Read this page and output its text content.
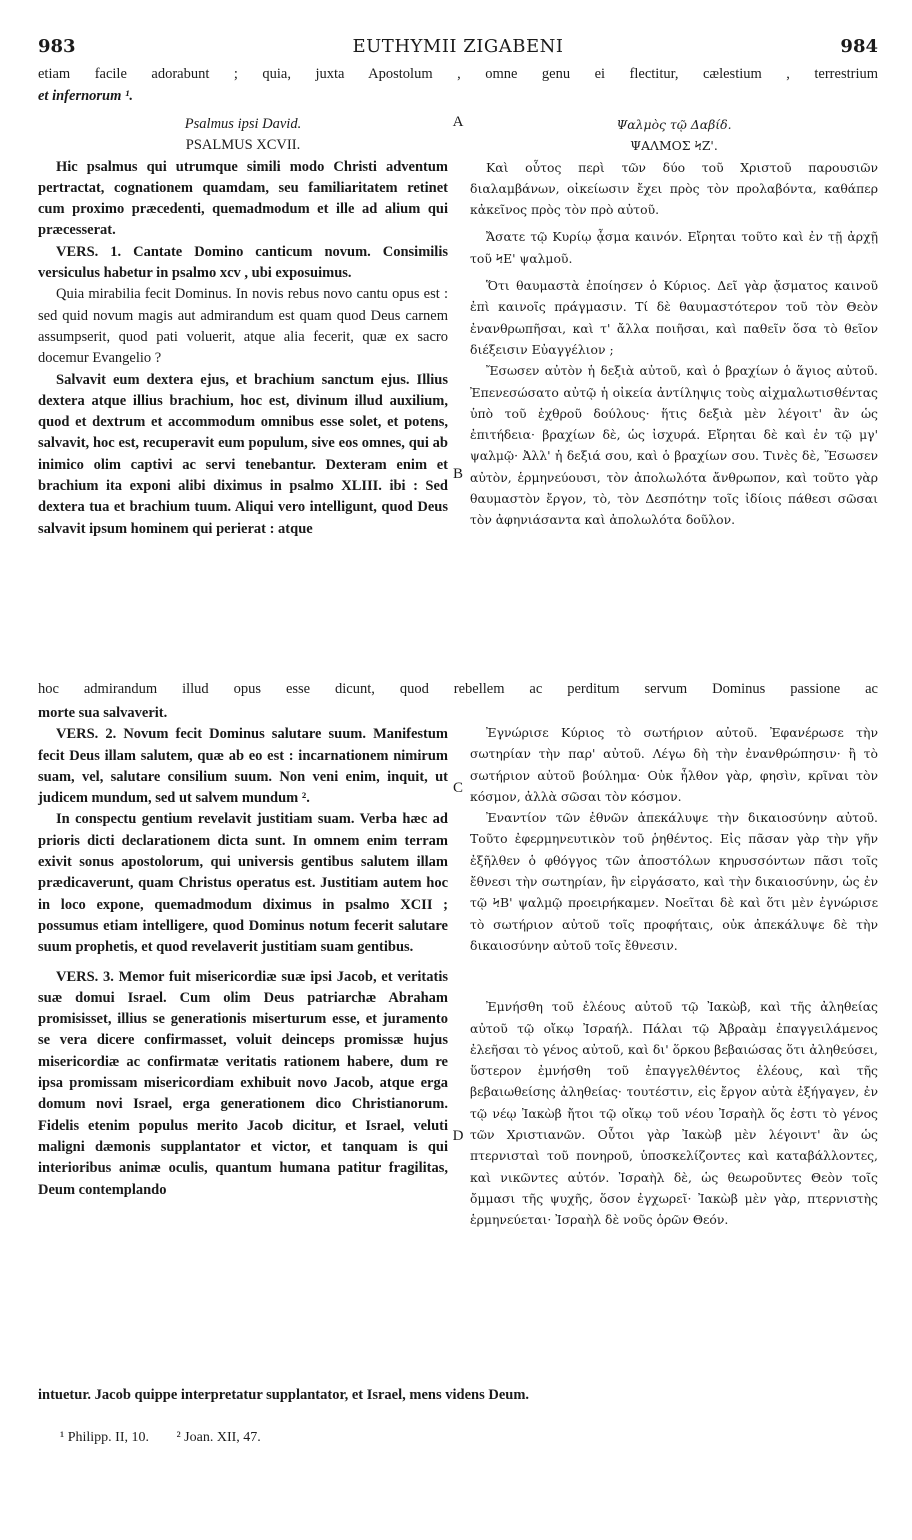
983	EUTHYMII ZIGABENI	984
etiam facile adorabunt ; quia, juxta Apostolum , omne genu ei flectitur, cælestium , terrestrium
et infernorum ¹.
A
B
C
D

Psalmus ipsi David.

PSALMUS XCVII.

Hic psalmus qui utrumque simili modo Christi adventum pertractat, cognationem quamdam, seu familiaritatem retinet cum proximo præcedenti, quemadmodum et ille ad alium qui præcesserat.

VERS. 1. Cantate Domino canticum novum. Consimilis versiculus habetur in psalmo xcv , ubi exposuimus.

Quia mirabilia fecit Dominus. In novis rebus novo cantu opus est : sed quid novum magis aut admirandum est quam quod Deus carnem assumpserit, quod pati voluerit, atque alia fecerit, quæ ex sacro docemur Evangelio ?

Salvavit eum dextera ejus, et brachium sanctum ejus. Illius dextera atque illius brachium, hoc est, divinum illud auxilium, quod et dextrum et accommodum omnibus esse solet, et potens, salvavit, hoc est, recuperavit eum populum, sive eos omnes, qui ab inimico olim captivi ac servi tenebantur. Dexteram enim et brachium ita exponi alibi diximus in psalmo XLIII. ibi : Sed dextera tua et brachium tuum. Aliqui vero intelligunt, quod Deus salvavit ipsum hominem qui perierat : atque

Ψαλμὸς τῷ Δαβίδ.

ΨΑΛΜΟΣ ϞΖ'.

Καὶ οὗτος περὶ τῶν δύο τοῦ Χριστοῦ παρουσιῶν διαλαμβάνων, οἰκείωσιν ἔχει πρὸς τὸν προλαβόντα, καθάπερ κἀκεῖνος πρὸς τὸν πρὸ αὐτοῦ.

Ἄσατε τῷ Κυρίῳ ᾆσμα καινόν. Εἴρηται τοῦτο καὶ ἐν τῇ ἀρχῇ τοῦ ϞΕ' ψαλμοῦ.

Ὅτι θαυμαστὰ ἐποίησεν ὁ Κύριος. Δεῖ γὰρ ᾄσματος καινοῦ ἐπὶ καινοῖς πράγμασιν. Τί δὲ θαυμαστότερον τοῦ τὸν Θεὸν ἐνανθρωπῆσαι, καὶ τ' ἄλλα ποιῆσαι, καὶ παθεῖν ὅσα τὸ θεῖον διέξεισιν Εὐαγγέλιον ;

Ἔσωσεν αὐτὸν ἡ δεξιὰ αὐτοῦ, καὶ ὁ βραχίων ὁ ἅγιος αὐτοῦ. Ἐπενεσώσατο αὐτῷ ἡ οἰκεία ἀντίληψις τοὺς αἰχμαλωτισθέντας ὑπὸ τοῦ ἐχθροῦ δούλους· ἥτις δεξιὰ μὲν λέγοιτ' ἂν ὡς ἐπιτήδεια· βραχίων δὲ, ὡς ἰσχυρά. Εἴρηται δὲ καὶ ἐν τῷ μγ' ψαλμῷ· Ἀλλ' ἡ δεξιά σου, καὶ ὁ βραχίων σου. Τινὲς δὲ, Ἔσωσεν αὐτὸν, ἑρμηνεύουσι, τὸν ἀπολωλότα ἄνθρωπον, καὶ τοῦτο γὰρ θαυμαστὸν ἔργον, τὸ, τὸν Δεσπότην τοῖς ἰδίοις πάθεσι σῶσαι τὸν ἀφηνιάσαντα καὶ ἀπολωλότα δοῦλον.

hoc admirandum illud opus esse dicunt, quod rebellem ac perditum servum Dominus passione ac

morte sua salvaverit.

VERS. 2. Novum fecit Dominus salutare suum. Manifestum fecit Deus illam salutem, quæ ab eo est : incarnationem nimirum suam, vel, salutare consilium suum. Non veni enim, inquit, ut judicem mundum, sed ut salvem mundum ².

In conspectu gentium revelavit justitiam suam. Verba hæc ad prioris dicti declarationem dicta sunt. In omnem enim terram exivit sonus apostolorum, qui universis gentibus salutem illam prædicaverunt, quam Christus operatus est. Justitiam autem hoc in loco expone, quemadmodum diximus in psalmo XCII ; possumus etiam intelligere, quod Dominus notum fecerit salutare suum prophetis, et quod revelaverit justitiam suam gentibus.

VERS. 3. Memor fuit misericordiæ suæ ipsi Jacob, et veritatis suæ domui Israel. Cum olim Deus patriarchæ Abraham promisisset, illius se generationis miserturum esse, et juramento se vera dicere confirmasset, voluit deinceps promissæ hujus misericordiæ ac confirmatæ veritatis rationem habere, dum re ipsa promissam misericordiam exhibuit novo Jacob, atque erga domum novi Israel, erga generationem dico Christianorum. Fidelis etenim populus merito Jacob dicitur, et Israel, veluti maligni dæmonis supplantator et victor, et tanquam is qui interioribus animæ oculis, quantum humana patitur fragilitas, Deum contemplando

Ἐγνώρισε Κύριος τὸ σωτήριον αὐτοῦ. Ἐφανέρωσε τὴν σωτηρίαν τὴν παρ' αὐτοῦ. Λέγω δὴ τὴν ἐνανθρώπησιν· ἢ τὸ σωτήριον αὐτοῦ βούλημα· Οὐκ ἦλθον γὰρ, φησὶν, κρῖναι τὸν κόσμον, ἀλλὰ σῶσαι τὸν κόσμον.

Ἐναντίον τῶν ἐθνῶν ἀπεκάλυψε τὴν δικαιοσύνην αὐτοῦ. Τοῦτο ἐφερμηνευτικὸν τοῦ ῥηθέντος. Εἰς πᾶσαν γὰρ τὴν γῆν ἐξῆλθεν ὁ φθόγγος τῶν ἀποστόλων κηρυσσόντων πᾶσι τοῖς ἔθνεσι τὴν σωτηρίαν, ἣν εἰργάσατο, καὶ τὴν δικαιοσύνην, ὡς ἐν τῷ ϞΒ' ψαλμῷ προειρήκαμεν. Νοεῖται δὲ καὶ ὅτι μὲν ἐγνώρισε τὸ σωτήριον αὐτοῦ τοῖς προφήταις, οὐκ ἀπεκάλυψε δὲ τὴν δικαιοσύνην αὐτοῦ τοῖς ἔθνεσιν.

Ἐμνήσθη τοῦ ἐλέους αὐτοῦ τῷ Ἰακὼβ, καὶ τῆς ἀληθείας αὐτοῦ τῷ οἴκῳ Ἰσραήλ. Πάλαι τῷ Ἀβραὰμ ἐπαγγειλάμενος ἐλεῆσαι τὸ γένος αὐτοῦ, καὶ δι' ὅρκου βεβαιώσας ὅτι ἀληθεύσει, ὕστερον ἐμνήσθη τοῦ ἐπαγγελθέντος ἐλέους, καὶ τῆς βεβαιωθείσης ἀληθείας· τουτέστιν, εἰς ἔργον αὐτὰ ἐξήγαγεν, ἐν τῷ νέῳ Ἰακὼβ ἤτοι τῷ οἴκῳ τοῦ νέου Ἰσραὴλ ὅς ἐστι τὸ γένος τῶν Χριστιανῶν. Οὗτοι γὰρ Ἰακὼβ μὲν λέγοιντ' ἂν ὡς πτερνισταὶ τοῦ πονηροῦ, ὑποσκελίζοντες καὶ καταβάλλοντες, καὶ νικῶντες αὐτόν. Ἰσραὴλ δὲ, ὡς θεωροῦντες Θεὸν τοῖς ὄμμασι τῆς ψυχῆς, ὅσον ἐγχωρεῖ· Ἰακὼβ μὲν γὰρ, πτερνιστὴς ἑρμηνεύεται· Ἰσραὴλ δὲ νοῦς ὁρῶν Θεόν.

intuetur. Jacob quippe interpretatur supplantator, et Israel, mens videns Deum.
¹ Philipp. II, 10. ² Joan. XII, 47.
